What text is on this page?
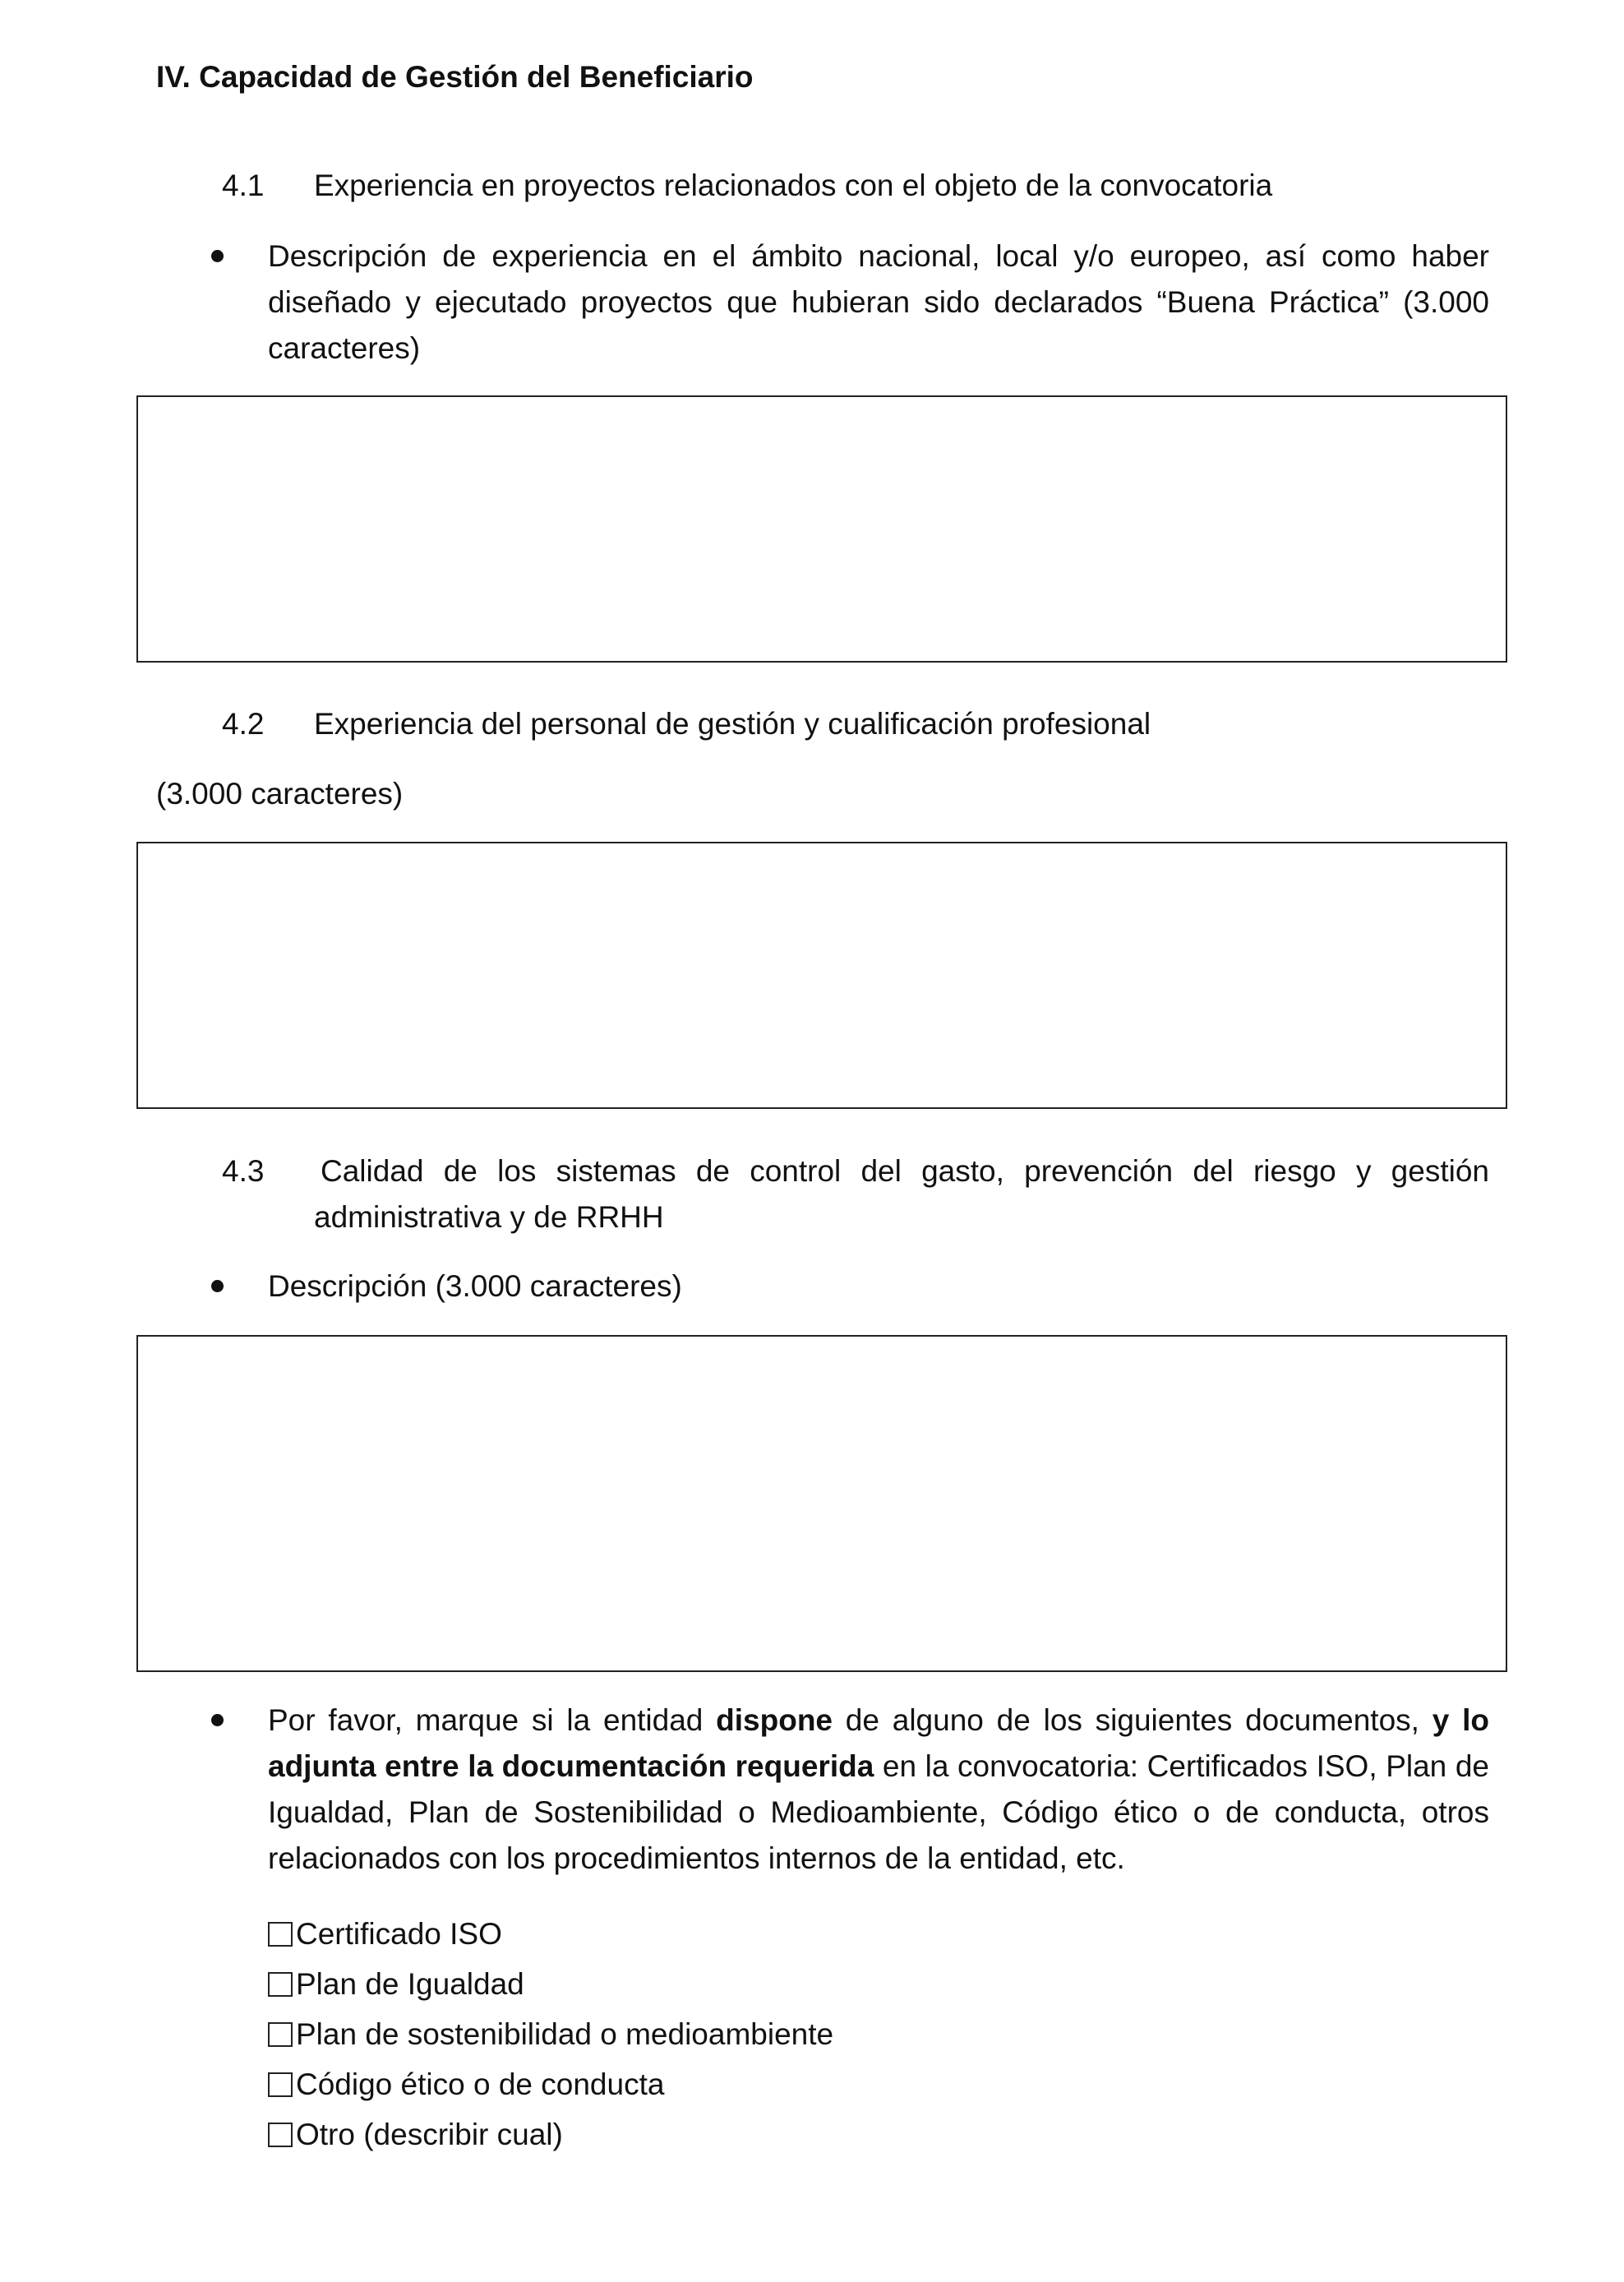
IV. Capacidad de Gestión del Beneficiario
4.1 Experiencia en proyectos relacionados con el objeto de la convocatoria
Descripción de experiencia en el ámbito nacional, local y/o europeo, así como haber diseñado y ejecutado proyectos que hubieran sido declarados “Buena Práctica” (3.000 caracteres)
4.2 Experiencia del personal de gestión y cualificación profesional
(3.000 caracteres)
4.3 Calidad de los sistemas de control del gasto, prevención del riesgo y gestión administrativa y de RRHH
Descripción (3.000 caracteres)
Por favor, marque si la entidad dispone de alguno de los siguientes documentos, y lo adjunta entre la documentación requerida en la convocatoria: Certificados ISO, Plan de Igualdad, Plan de Sostenibilidad o Medioambiente, Código ético o de conducta, otros relacionados con los procedimientos internos de la entidad, etc.
Certificado ISO
Plan de Igualdad
Plan de sostenibilidad o medioambiente
Código ético o de conducta
Otro (describir cual)
